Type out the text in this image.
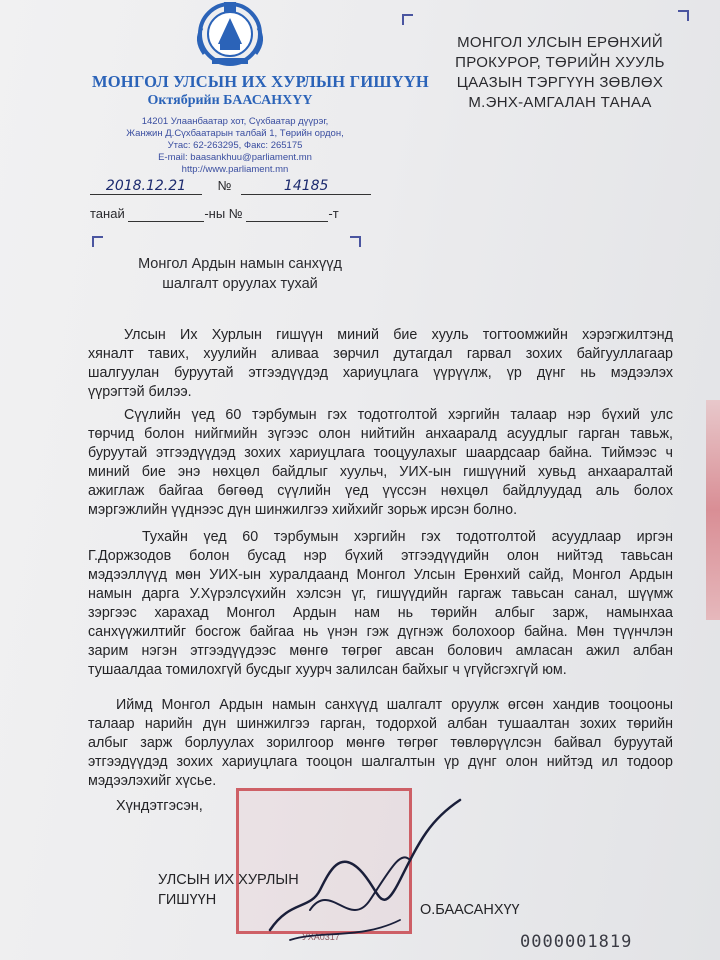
МОНГОЛ УЛСЫН ИХ ХУРЛЫН ГИШҮҮН
Октябрийн БААСАНХҮҮ
14201 Улаанбаатар хот, Сүхбаатар дүүрэг,
Жанжин Д.Сүхбаатарын талбай 1, Төрийн ордон,
Утас: 62-263295, Факс: 265175
E-mail: baasankhuu@parliament.mn
http://www.parliament.mn
МОНГОЛ УЛСЫН ЕРӨНХИЙ
ПРОКУРОР, ТӨРИЙН ХУУЛЬ
ЦААЗЫН ТЭРГҮҮН ЗӨВЛӨХ
М.ЭНХ-АМГАЛАН ТАНАА
2018.12.21 №	14185
танай	-ны №	-т
Монгол Ардын намын санхүүд
шалгалт оруулах тухай
Улсын Их Хурлын гишүүн миний бие хууль тогтоомжийн хэрэгжилтэнд
хяналт тавих, хуулийн аливаа зөрчил дутагдал гарвал зохих байгууллагаар
шалгуулан буруутай этгээдүүдэд хариуцлага үүрүүлж, үр дүнг нь мэдээлэх
үүрэгтэй билээ.
Сүүлийн үед 60 тэрбумын гэх тодотголтой хэргийн талаар нэр бүхий улс
төрчид болон нийгмийн зүгээс олон нийтийн анхааралд асуудлыг гарган тавьж,
буруутай этгээдүүдэд зохих хариуцлага тооцуулахыг шаардсаар байна. Тиймээс ч
миний бие энэ нөхцөл байдлыг хуульч, УИХ-ын гишүүний хувьд анхааралтай
ажиглаж байгаа бөгөөд сүүлийн үед үүссэн нөхцөл байдлуудад аль болох
мэргэжлийн үүднээс дүн шинжилгээ хийхийг зорьж ирсэн болно.
Тухайн үед 60 тэрбумын хэргийн гэх тодотголтой асуудлаар иргэн
Г.Доржзодов болон бусад нэр бүхий этгээдүүдийн олон нийтэд тавьсан
мэдээллүүд мөн УИХ-ын хуралдаанд Монгол Улсын Ерөнхий сайд, Монгол Ардын
намын дарга У.Хүрэлсүхийн хэлсэн үг, гишүүдийн гаргаж тавьсан санал, шүүмж
зэргээс харахад Монгол Ардын нам нь төрийн албыг зарж, намынхаа
санхүүжилтийг босгож байгаа нь үнэн гэж дүгнэж болохоор байна. Мөн түүнчлэн
зарим нэгэн этгээдүүдээс мөнгө төгрөг авсан болович амласан ажил албан
тушаалдаа томилохгүй бусдыг хуурч залилсан байхыг ч үгүйсгэхгүй юм.
Иймд Монгол Ардын намын санхүүд шалгалт оруулж өгсөн хандив тооцооны
талаар нарийн дүн шинжилгээ гарган, тодорхой албан тушаалтан зохих төрийн
албыг зарж борлуулах зорилгоор мөнгө төгрөг төвлөрүүлсэн байвал буруутай
этгээдүүдэд зохих хариуцлага тооцон шалгалтын үр дүнг олон нийтэд ил тодоор
мэдээлэхийг хүсье.
УХА0317
Хүндэтгэсэн,
УЛСЫН ИХ ХУРЛЫН
ГИШҮҮН
О.БААСАНХҮҮ
0000001819
